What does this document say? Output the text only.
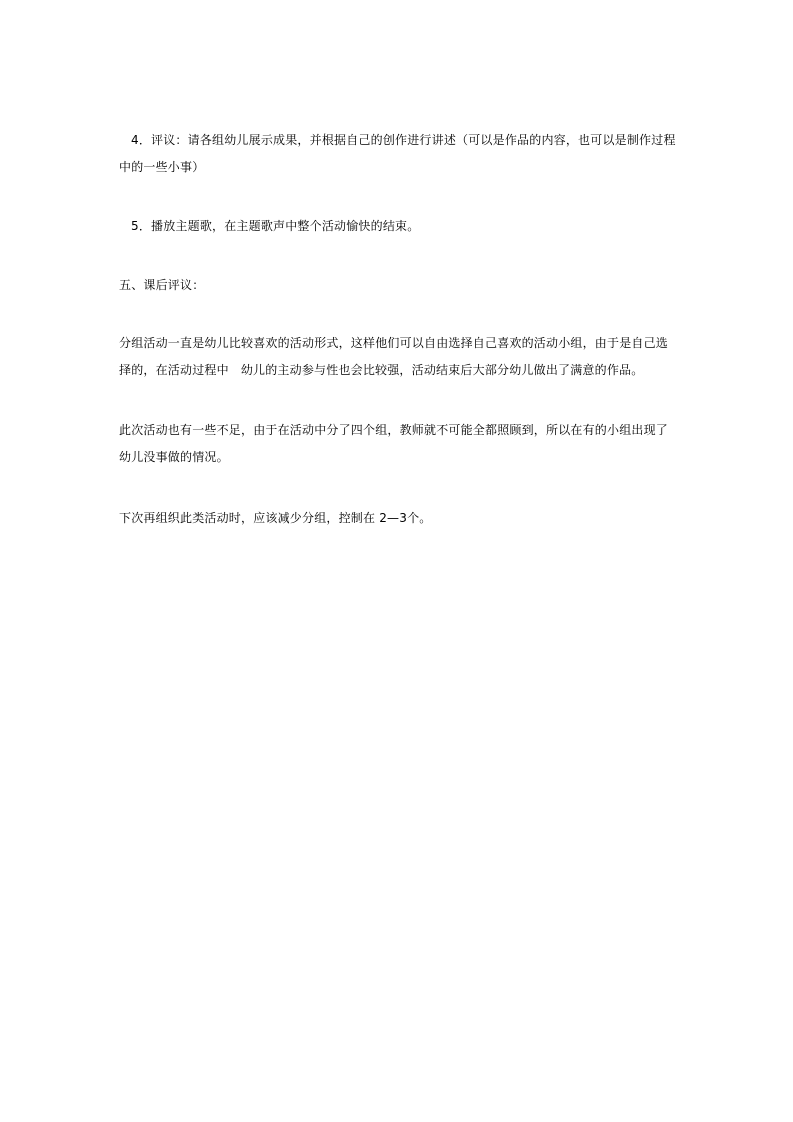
4．评议：请各组幼儿展示成果，并根据自己的创作进行讲述（可以是作品的内容，也可以是制作过程中的一些小事）

5．播放主题歌，在主题歌声中整个活动愉快的结束。

五、课后评议：

分组活动一直是幼儿比较喜欢的活动形式，这样他们可以自由选择自己喜欢的活动小组，由于是自己选择的，在活动过程中 幼儿的主动参与性也会比较强，活动结束后大部分幼儿做出了满意的作品。

此次活动也有一些不足，由于在活动中分了四个组，教师就不可能全都照顾到，所以在有的小组出现了幼儿没事做的情况。

下次再组织此类活动时，应该减少分组，控制在 2—3个。
